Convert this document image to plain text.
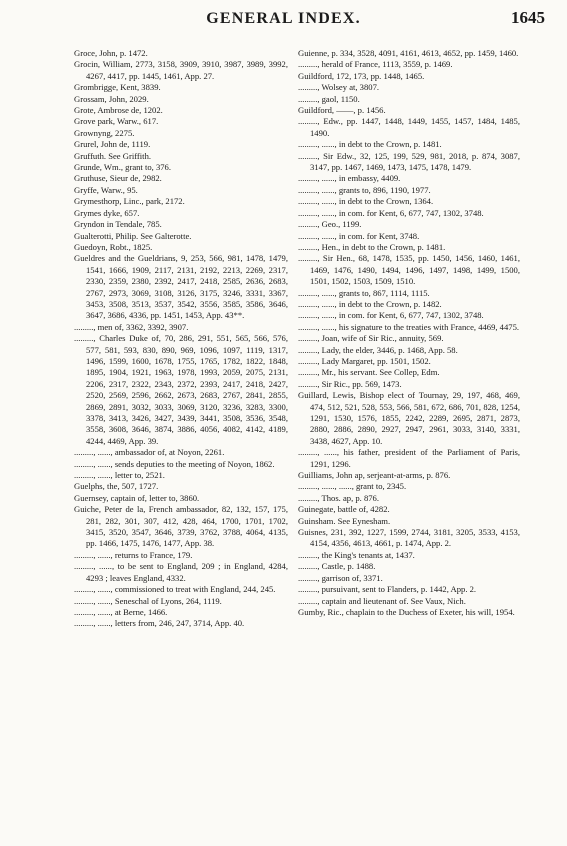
GENERAL INDEX.	1645
Groce, John, p. 1472.
Grocin, William, 2773, 3158, 3909, 3910, 3987, 3989, 3992, 4267, 4417, pp. 1445, 1461, App. 27.
Grombrigge, Kent, 3839.
Grossam, John, 2029.
Grote, Ambrose de, 1202.
Grove park, Warw., 617.
Grownyng, 2275.
Grurel, John de, 1119.
Gruffuth. See Griffith.
Grunde, Wm., grant to, 376.
Gruthuse, Sieur de, 2982.
Gryffe, Warw., 95.
Grymesthorp, Linc., park, 2172.
Grymes dyke, 657.
Gryndon in Tendale, 785.
Gualterotti, Philip. See Galterotte.
Guedoyn, Robt., 1825.
Gueldres and the Gueldrians, 9, 253, 566, 981, 1478, 1479, 1541, 1666, 1909, 2117, 2131, 2192, 2213, 2269, 2317, 2330, 2359, 2380, 2392, 2417, 2418, 2585, 2636, 2683, 2767, 2973, 3069, 3108, 3126, 3175, 3246, 3331, 3367, 3453, 3508, 3513, 3537, 3542, 3556, 3585, 3586, 3646, 3647, 3686, 4336, pp. 1451, 1453, App. 43**.
........., men of, 3362, 3392, 3907.
........., Charles Duke of, 70, 286, 291, 551, 565, 566, 576, 577, 581, 593, 830, 890, 969, 1096, 1097, 1119, 1317, 1496, 1599, 1600, 1678, 1755, 1765, 1782, 1822, 1848, 1895, 1904, 1921, 1963, 1978, 1993, 2059, 2075, 2131, 2206, 2317, 2322, 2343, 2372, 2393, 2417, 2418, 2427, 2520, 2569, 2596, 2662, 2673, 2683, 2767, 2841, 2855, 2869, 2891, 3032, 3033, 3069, 3120, 3236, 3283, 3300, 3378, 3413, 3426, 3427, 3439, 3441, 3508, 3536, 3548, 3558, 3608, 3646, 3874, 3886, 4056, 4082, 4142, 4189, 4244, 4469, App. 39.
........., ......, ambassador of, at Noyon, 2261.
........., ......, sends deputies to the meeting of Noyon, 1862.
........., ......, letter to, 2521.
Guelphs, the, 507, 1727.
Guernsey, captain of, letter to, 3860.
Guiche, Peter de la, French ambassador, 82, 132, 157, 175, 281, 282, 301, 307, 412, 428, 464, 1700, 1701, 1702, 3415, 3520, 3547, 3646, 3739, 3762, 3788, 4064, 4135, pp. 1466, 1475, 1476, 1477, App. 38.
........., ......, returns to France, 179.
........., ......, to be sent to England, 209 ; in England, 4284, 4293 ; leaves England, 4332.
........., ......, commissioned to treat with England, 244, 245.
........., ......, Seneschal of Lyons, 264, 1119.
........., ......, at Berne, 1466.
........., ......, letters from, 246, 247, 3714, App. 40.
Guienne, p. 334, 3528, 4091, 4161, 4613, 4652, pp. 1459, 1460.
........., herald of France, 1113, 3559, p. 1469.
Guildford, 172, 173, pp. 1448, 1465.
........., Wolsey at, 3807.
........., gaol, 1150.
Guildford, ——, p. 1456.
........., Edw., pp. 1447, 1448, 1449, 1455, 1457, 1484, 1485, 1490.
........., ......, in debt to the Crown, p. 1481.
........., Sir Edw., 32, 125, 199, 529, 981, 2018, p. 874, 3087, 3147, pp. 1467, 1469, 1473, 1475, 1478, 1479.
........., ......, in embassy, 4409.
........., ......, grants to, 896, 1190, 1977.
........., ......, in debt to the Crown, 1364.
........., ......, in com. for Kent, 6, 677, 747, 1302, 3748.
........., Geo., 1199.
........., ......, in com. for Kent, 3748.
........., Hen., in debt to the Crown, p. 1481.
........., Sir Hen., 68, 1478, 1535, pp. 1450, 1456, 1460, 1461, 1469, 1476, 1490, 1494, 1496, 1497, 1498, 1499, 1500, 1501, 1502, 1503, 1509, 1510.
........., ......, grants to, 867, 1114, 1115.
........., ......, in debt to the Crown, p. 1482.
........., ......, in com. for Kent, 6, 677, 747, 1302, 3748.
........., ......, his signature to the treaties with France, 4469, 4475.
........., Joan, wife of Sir Ric., annuity, 569.
........., Lady, the elder, 3446, p. 1468, App. 58.
........., Lady Margaret, pp. 1501, 1502.
........., Mr., his servant. See Collep, Edm.
........., Sir Ric., pp. 569, 1473.
Guillard, Lewis, Bishop elect of Tournay, 29, 197, 468, 469, 474, 512, 521, 528, 553, 566, 581, 672, 686, 701, 828, 1254, 1291, 1530, 1576, 1855, 2242, 2289, 2695, 2871, 2873, 2880, 2886, 2890, 2927, 2947, 2961, 3033, 3140, 3331, 3438, 4627, App. 10.
........., ......, his father, president of the Parliament of Paris, 1291, 1296.
Guilliams, John ap, serjeant-at-arms, p. 876.
........., ......, ......, grant to, 2345.
........., Thos. ap, p. 876.
Guinegate, battle of, 4282.
Guinsham. See Eynesham.
Guisnes, 231, 392, 1227, 1599, 2744, 3181, 3205, 3533, 4153, 4154, 4356, 4613, 4661, p. 1474, App. 2.
........., the King's tenants at, 1437.
........., Castle, p. 1488.
........., garrison of, 3371.
........., pursuivant, sent to Flanders, p. 1442, App. 2.
........., captain and lieutenant of. See Vaux, Nich.
Gumby, Ric., chaplain to the Duchess of Exeter, his will, 1954.
